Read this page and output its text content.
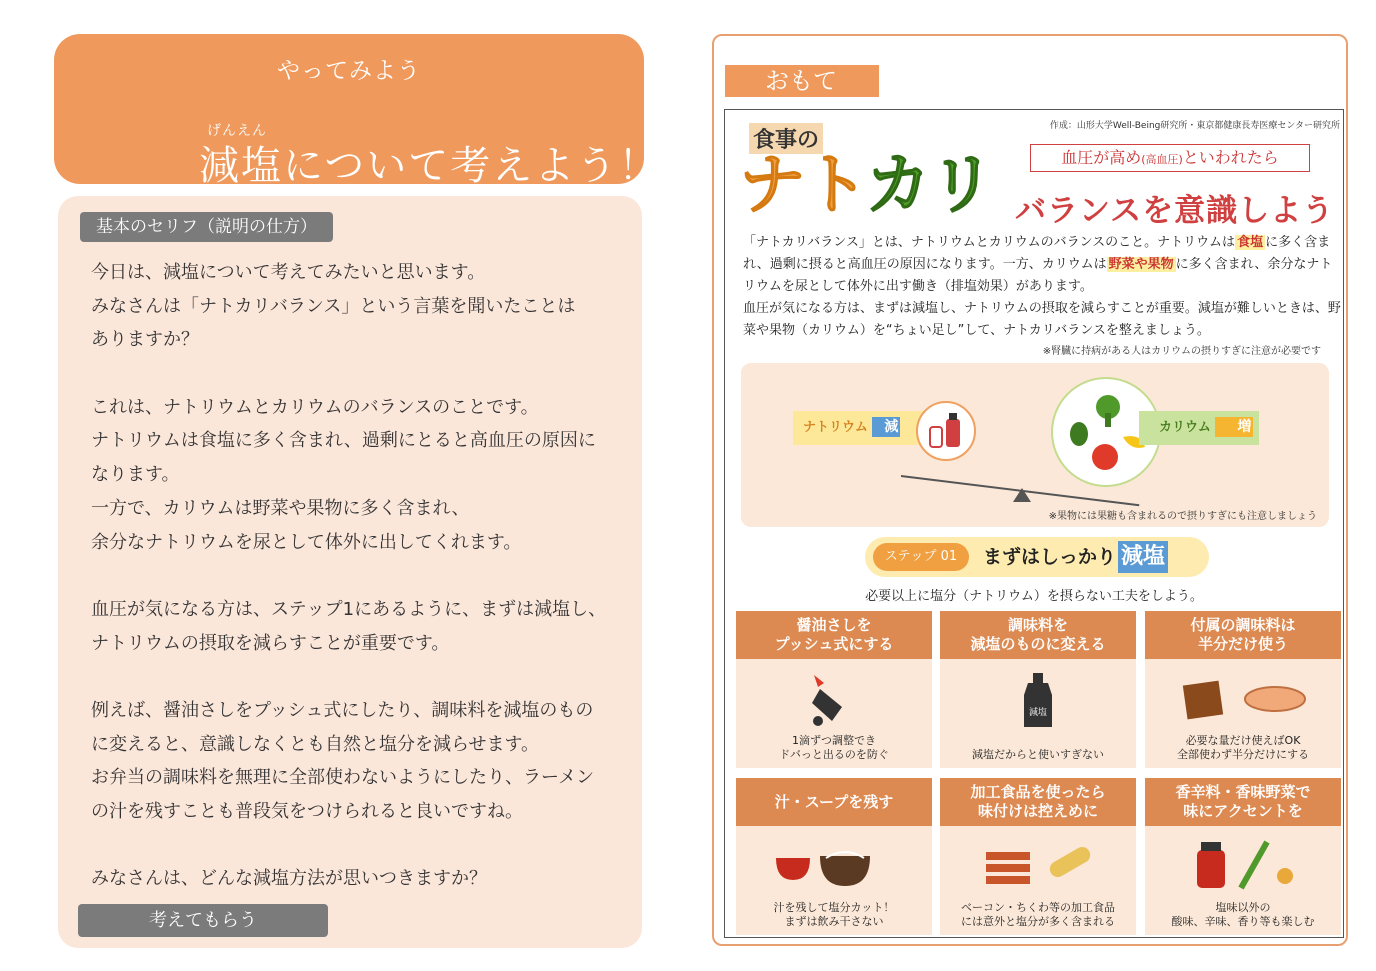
やってみよう
げんえん
減塩について考えよう！
基本のセリフ（説明の仕方）
今日は、減塩について考えてみたいと思います。
みなさんは「ナトカリバランス」という言葉を聞いたことは
ありますか？
これは、ナトリウムとカリウムのバランスのことです。
ナトリウムは食塩に多く含まれ、過剰にとると高血圧の原因に
なります。
一方で、カリウムは野菜や果物に多く含まれ、
余分なナトリウムを尿として体外に出してくれます。
血圧が気になる方は、ステップ1にあるように、まずは減塩し、
ナトリウムの摂取を減らすことが重要です。
例えば、醤油さしをプッシュ式にしたり、調味料を減塩のもの
に変えると、意識しなくとも自然と塩分を減らせます。
お弁当の調味料を無理に全部使わないようにしたり、ラーメン
の汁を残すことも普段気をつけられると良いですね。
みなさんは、どんな減塩方法が思いつきますか？
考えてもらう
おもて
作成：山形大学Well-Being研究所・東京都健康長寿医療センター研究所
食事の
ナトカリ	血圧が高め(高血圧)といわれたら
バランスを意識しよう
「ナトカリバランス」とは、ナトリウムとカリウムのバランスのこと。ナトリウムは 食塩 に多く含まれ、過剰に摂ると高血圧の原因になります。一方、カリウムは 野菜や果物 に多く含まれ、余分なナトリウムを尿として体外に出す働き（排塩効果）があります。
血圧が気になる方は、まずは減塩し、ナトリウムの摂取を減らすことが重要。減塩が難しいときは、野菜や果物（カリウム）を“ちょい足し”して、ナトカリバランスを整えましょう。
※腎臓に持病がある人はカリウムの摂りすぎに注意が必要です
ナトリウム 減	カリウム 増
※果物には果糖も含まれるので摂りすぎにも注意しましょう
ステップ 01	まずはしっかり 減塩
必要以上に塩分（ナトリウム）を摂らない工夫をしよう。
醤油さしを
プッシュ式にする
1滴ずつ調整でき
ドバっと出るのを防ぐ
調味料を
減塩のものに変える
減塩

減塩だからと使いすぎない
付属の調味料は
半分だけ使う
必要な量だけ使えばOK
全部使わず半分だけにする
汁・スープを残す
汁を残して塩分カット！
まずは飲み干さない
加工食品を使ったら
味付けは控えめに
ベーコン・ちくわ等の加工食品
には意外と塩分が多く含まれる
香辛料・香味野菜で
味にアクセントを
塩味以外の
酸味、辛味、香り等も楽しむ
